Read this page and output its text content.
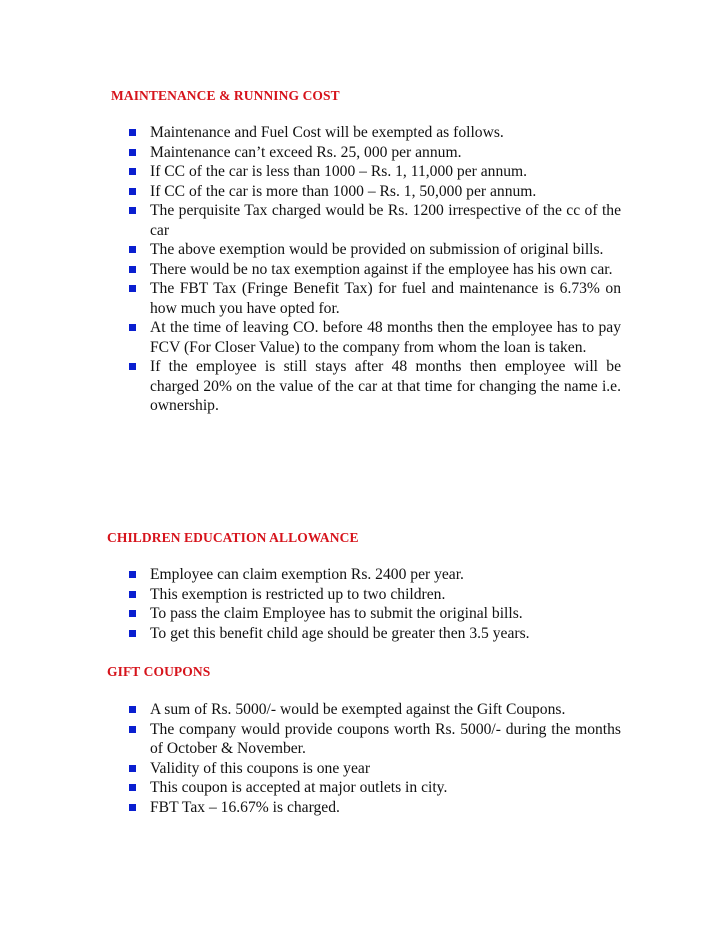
MAINTENANCE & RUNNING COST
Maintenance and Fuel Cost will be exempted as follows.
Maintenance can’t exceed Rs. 25, 000 per annum.
If CC of the car is less than 1000 – Rs. 1, 11,000 per annum.
If CC of the car is more than 1000 – Rs. 1, 50,000 per annum.
The perquisite Tax charged would be Rs. 1200 irrespective of the cc of the car
The above exemption would be provided on submission of original bills.
There would be no tax exemption against if the employee has his own car.
The FBT Tax (Fringe Benefit Tax) for fuel and maintenance is 6.73% on how much you have opted for.
At the time of leaving CO. before 48 months then the employee has to pay FCV (For Closer Value) to the company from whom the loan is taken.
If the employee is still stays after 48 months then employee will be charged 20% on the value of the car at that time for changing the name i.e. ownership.
CHILDREN EDUCATION ALLOWANCE
Employee can claim exemption Rs. 2400 per year.
This exemption is restricted up to two children.
To pass the claim Employee has to submit the original bills.
To get this benefit child age should be greater then 3.5 years.
GIFT COUPONS
A sum of Rs. 5000/- would be exempted against the Gift Coupons.
The company would provide coupons worth Rs. 5000/- during the months of October & November.
Validity of this coupons is one year
This coupon is accepted at major outlets in city.
FBT Tax – 16.67% is charged.
